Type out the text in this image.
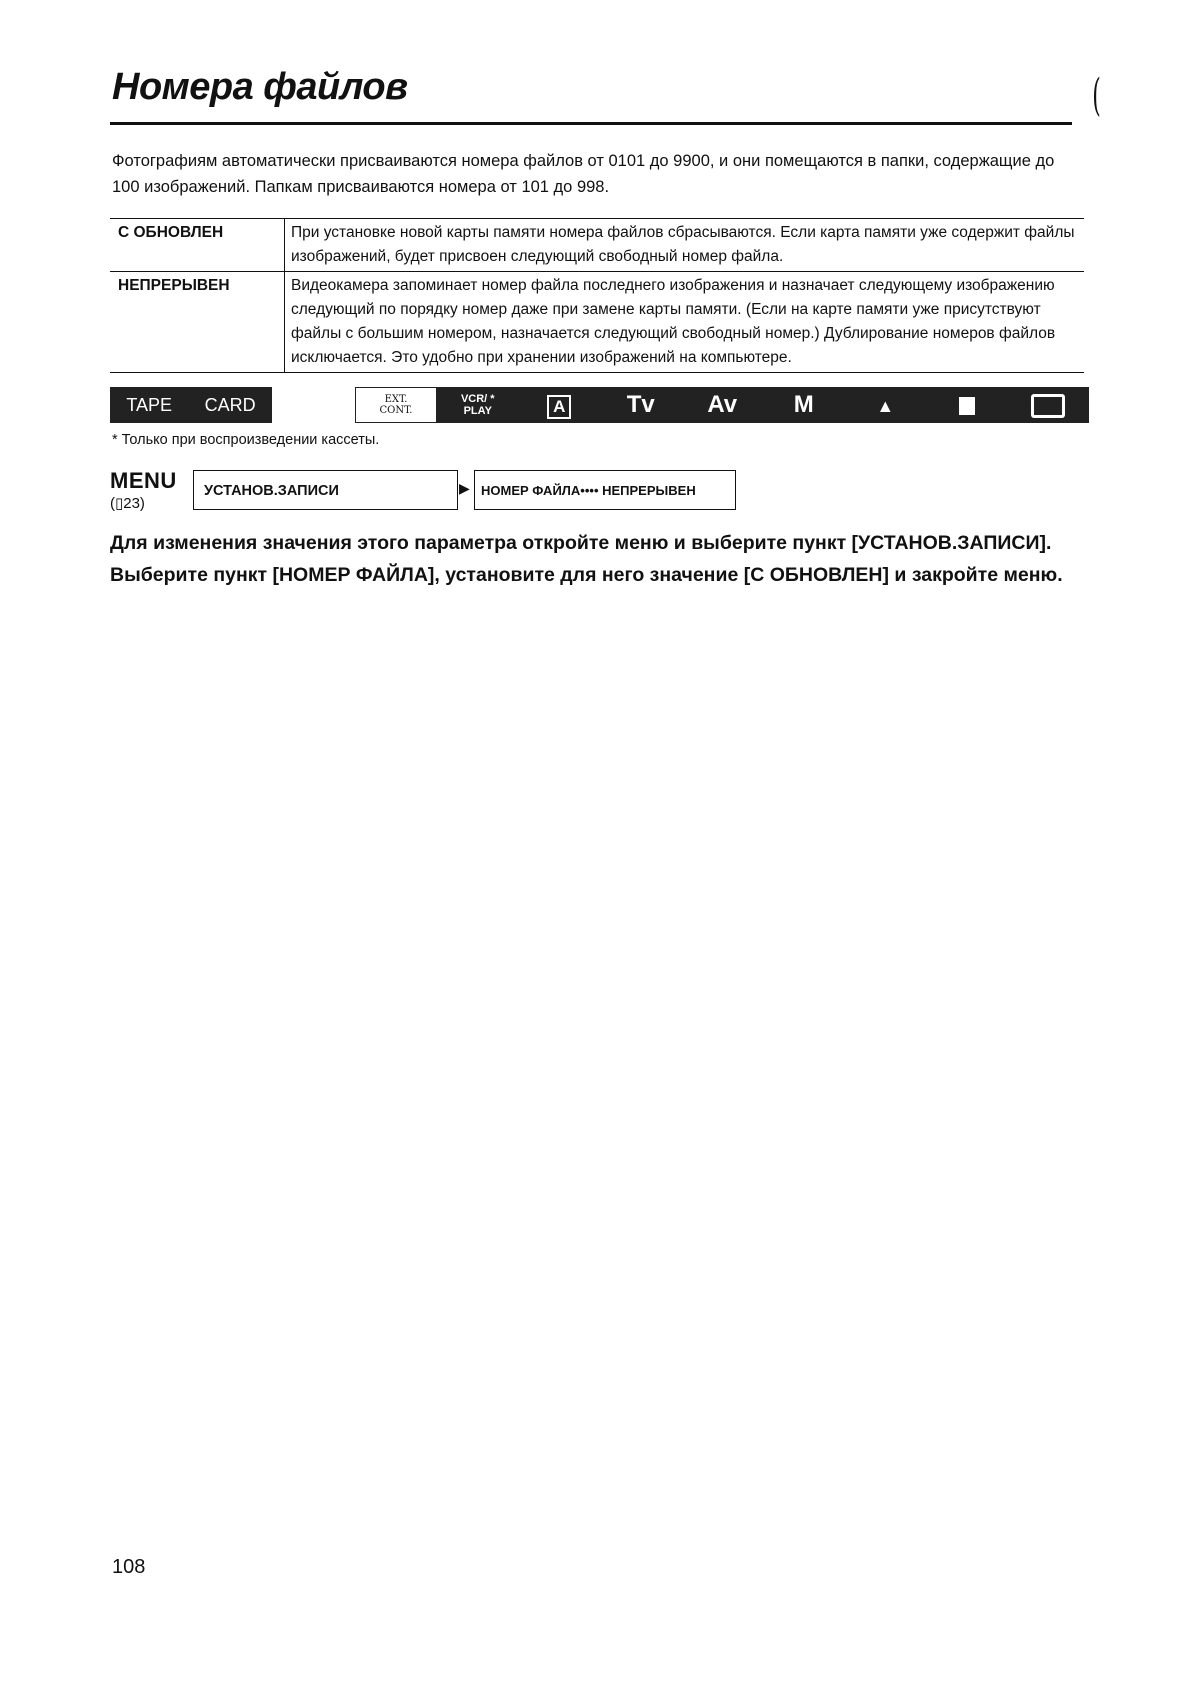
Номера файлов	(
Фотографиям автоматически присваиваются номера файлов от 0101 до 9900, и они помещаются в папки, содержащие до 100 изображений. Папкам присваиваются номера от 101 до 998.
С ОБНОВЛЕН	При установке новой карты памяти номера файлов сбрасываются. Если карта памяти уже содержит файлы изображений, будет присвоен следующий свободный номер файла.
НЕПРЕРЫВЕН	Видеокамера запоминает номер файла последнего изображения и назначает следующему изображению следующий по порядку номер даже при замене карты памяти. (Если на карте памяти уже присутствуют файлы с большим номером, назначается следующий свободный номер.) Дублирование номеров файлов исключается. Это удобно при хранении изображений на компьютере.
TAPE CARD	EXT.
CONT.
VCR/ *
PLAY	A	Tv	Av	M	▲
* Только при воспроизведении кассеты.
MENU
(▯23)
УСТАНОВ.ЗАПИСИ	▶ НОМЕР ФАЙЛА•••• НЕПРЕРЫВЕН
Для изменения значения этого параметра откройте меню и выберите пункт [УСТАНОВ.ЗАПИСИ]. Выберите пункт [НОМЕР ФАЙЛА], установите для него значение [С ОБНОВЛЕН] и закройте меню.
108
